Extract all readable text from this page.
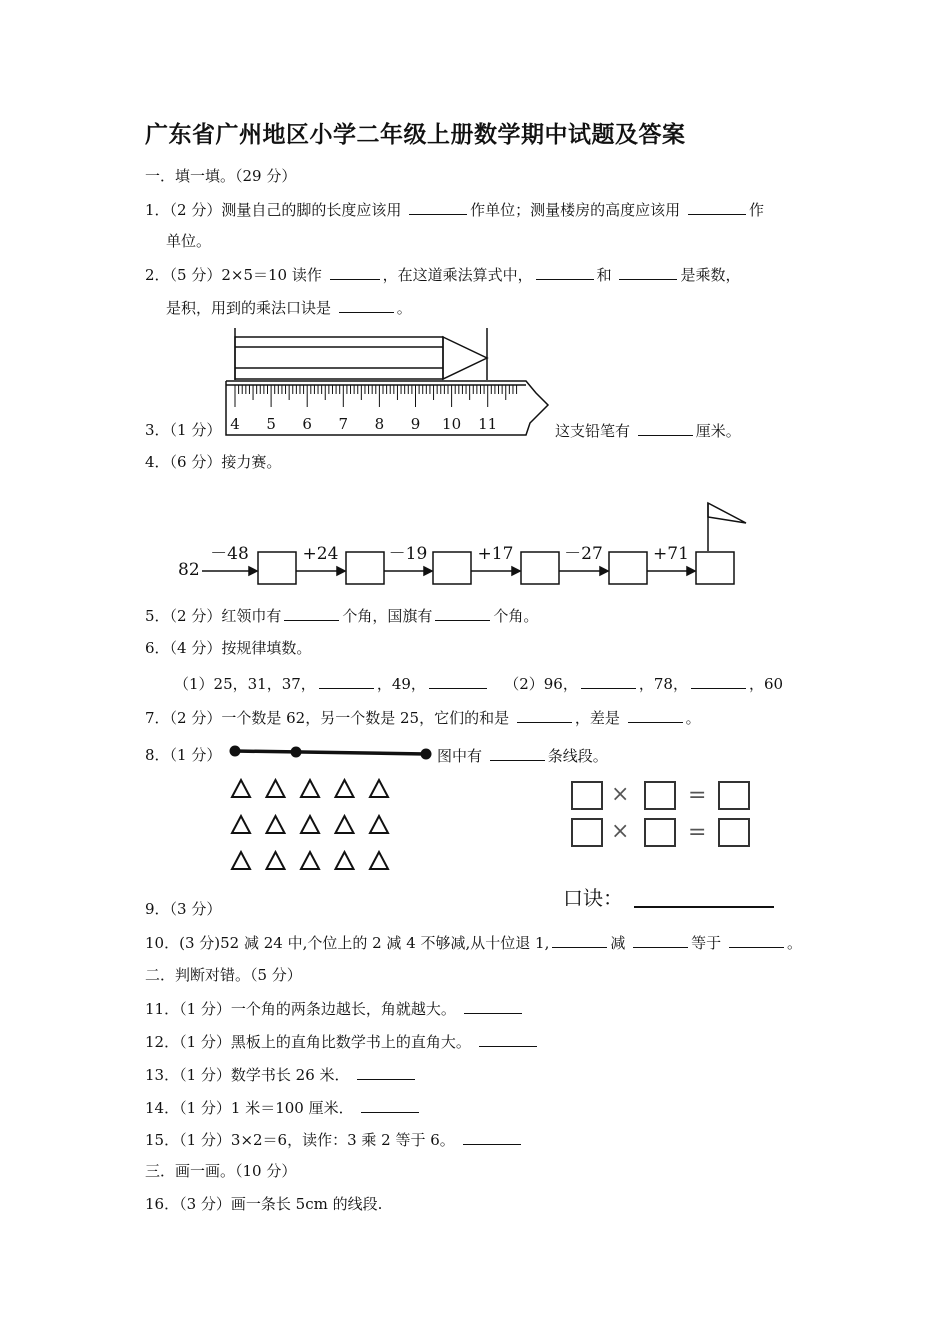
广东省广州地区小学二年级上册数学期中试题及答案
一．填一填。（29 分）
1．（2 分）测量自己的脚的长度应该用	作单位；测量楼房的高度应该用	作
单位。
2．（5 分）2×5＝10 读作	，在这道乘法算式中，	和	是乘数，
是积，用到的乘法口诀是	。
4 5 6 7 8 9 10 11
3．（1 分）	这支铅笔有	厘米。
4．（6 分）接力赛。
82
－48	+24	－19	+17	－27	+71
5．（2 分）红领巾有	个角，国旗有	个角。
6．（4 分）按规律填数。
（1）25，31，37，	，49，	（2）96，	，78，	，60
7．（2 分）一个数是 62，另一个数是 25，它们的和是	，差是	。
8．（1 分）	图中有	条线段。
×	=
×	=
口诀：
9．（3 分）
10．(3 分)52 减 24 中,个位上的 2 减 4 不够减,从十位退 1,	减	等于	。
二．判断对错。（5 分）
11．（1 分）一个角的两条边越长，角就越大。
12．（1 分）黑板上的直角比数学书上的直角大。
13．（1 分）数学书长 26 米．
14．（1 分）1 米＝100 厘米．
15．（1 分）3×2＝6，读作：3 乘 2 等于 6。
三．画一画。（10 分）
16．（3 分）画一条长 5cm 的线段.
